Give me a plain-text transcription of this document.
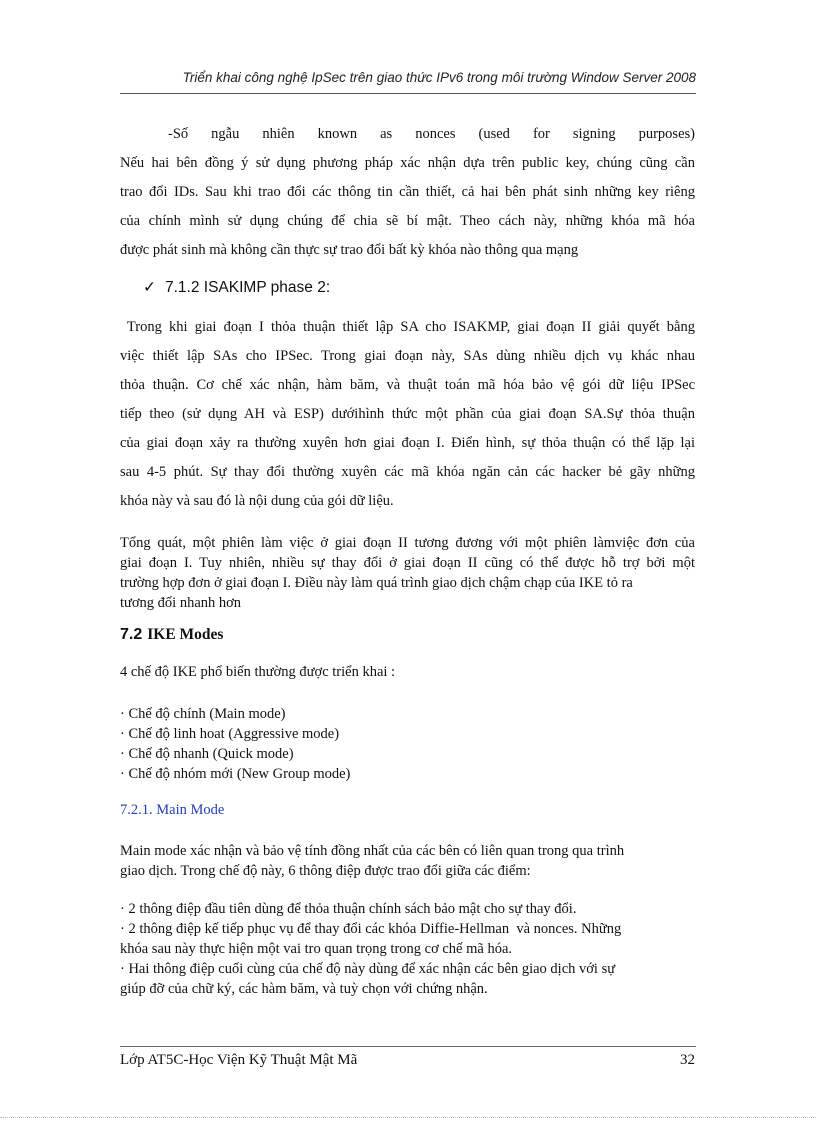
Triển khai công nghệ IpSec trên giao thức IPv6 trong môi trường Window Server 2008
-Số ngẫu nhiên known as nonces (used for signing purposes)
Nếu hai bên đồng ý sử dụng phương pháp xác nhận dựa trên public key, chúng cũng cần
trao đổi IDs. Sau khi trao đổi các thông tin cần thiết, cả hai bên phát sinh những key riêng
của chính mình sử dụng chúng để chia sẽ bí mật. Theo cách này, những khóa mã hóa
được phát sinh mà không cần thực sự trao đổi bất kỳ khóa nào thông qua mạng
✓ 7.1.2 ISAKIMP phase 2:
Trong khi giai đoạn I thỏa thuận thiết lập SA cho ISAKMP, giai đoạn II giải quyết bằng
việc thiết lập SAs cho IPSec. Trong giai đoạn này, SAs dùng nhiều dịch vụ khác nhau
thỏa thuận. Cơ chế xác nhận, hàm băm, và thuật toán mã hóa bảo vệ gói dữ liệu IPSec
tiếp theo (sử dụng AH và ESP) dướihình thức một phần của giai đoạn SA.Sự thỏa thuận
của giai đoạn xảy ra thường xuyên hơn giai đoạn I. Điển hình, sự thỏa thuận có thể lặp lại
sau 4-5 phút. Sự thay đổi thường xuyên các mã khóa ngăn cản các hacker bẻ gãy những
khóa này và sau đó là nội dung của gói dữ liệu.
Tổng quát, một phiên làm việc ở giai đoạn II tương đương với một phiên làmviệc đơn của
giai đoạn I. Tuy nhiên, nhiều sự thay đổi ở giai đoạn II cũng có thể được hỗ trợ bởi một
trường hợp đơn ở giai đoạn I. Điều này làm quá trình giao dịch chậm chạp của IKE tỏ ra
tương đối nhanh hơn
7.2 IKE Modes
4 chế độ IKE phổ biến thường được triển khai :
· Chế độ chính (Main mode)
· Chế độ linh hoat (Aggressive mode)
· Chế độ nhanh (Quick mode)
· Chế độ nhóm mới (New Group mode)
7.2.1. Main Mode
Main mode xác nhận và bảo vệ tính đồng nhất của các bên có liên quan trong qua trình
giao dịch. Trong chế độ này, 6 thông điệp được trao đổi giữa các điểm:
· 2 thông điệp đầu tiên dùng để thỏa thuận chính sách bảo mật cho sự thay đổi.
· 2 thông điệp kế tiếp phục vụ để thay đổi các khóa Diffie-Hellman  và nonces. Những
khóa sau này thực hiện một vai tro quan trọng trong cơ chế mã hóa.
· Hai thông điệp cuối cùng của chế độ này dùng để xác nhận các bên giao dịch với sự
giúp đỡ của chữ ký, các hàm băm, và tuỳ chọn với chứng nhận.
Lớp AT5C-Học Viện Kỹ Thuật Mật Mã	32
